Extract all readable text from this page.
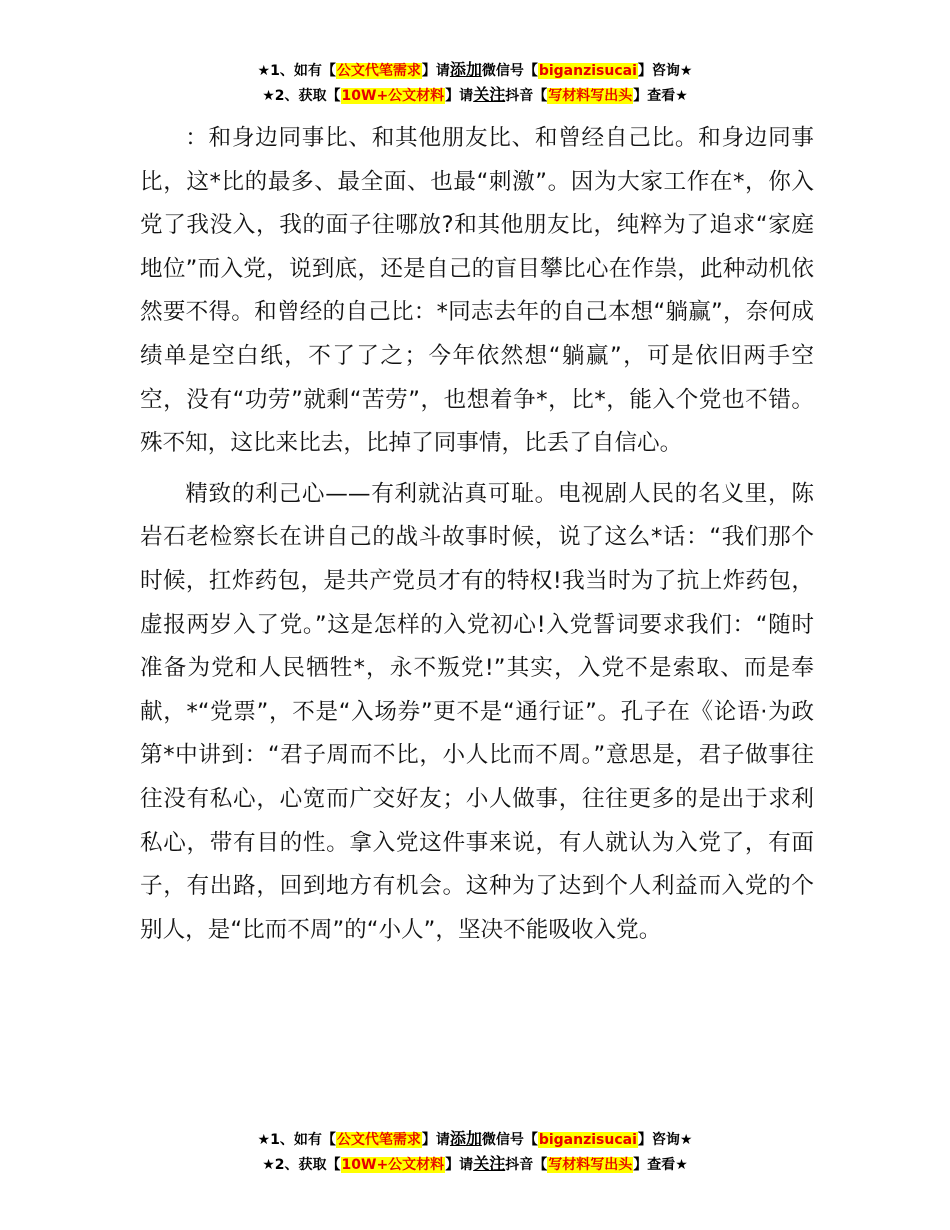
★1、如有【公文代笔需求】请添加微信号【biganzisucai】咨询★
★2、获取【10W+公文材料】请关注抖音【写材料写出头】查看★

：和身边同事比、和其他朋友比、和曾经自己比。和身边同事比，这*比的最多、最全面、也最“刺激”。因为大家工作在*，你入党了我没入，我的面子往哪放?和其他朋友比，纯粹为了追求“家庭地位”而入党，说到底，还是自己的盲目攀比心在作祟，此种动机依然要不得。和曾经的自己比：*同志去年的自己本想“躺赢”，奈何成绩单是空白纸，不了了之；今年依然想“躺赢”，可是依旧两手空空，没有“功劳”就剩“苦劳”，也想着争*，比*，能入个党也不错。殊不知，这比来比去，比掉了同事情，比丢了自信心。

精致的利己心——有利就沾真可耻。电视剧人民的名义里，陈岩石老检察长在讲自己的战斗故事时候，说了这么*话：“我们那个时候，扛炸药包，是共产党员才有的特权!我当时为了抗上炸药包，虚报两岁入了党。”这是怎样的入党初心!入党誓词要求我们：“随时准备为党和人民牺牲*，永不叛党!”其实，入党不是索取、而是奉献，*“党票”，不是“入场券”更不是“通行证”。孔子在《论语·为政第*中讲到：“君子周而不比，小人比而不周。”意思是，君子做事往往没有私心，心宽而广交好友；小人做事，往往更多的是出于求利私心，带有目的性。拿入党这件事来说，有人就认为入党了，有面子，有出路，回到地方有机会。这种为了达到个人利益而入党的个别人，是“比而不周”的“小人”，坚决不能吸收入党。

★1、如有【公文代笔需求】请添加微信号【biganzisucai】咨询★
★2、获取【10W+公文材料】请关注抖音【写材料写出头】查看★
